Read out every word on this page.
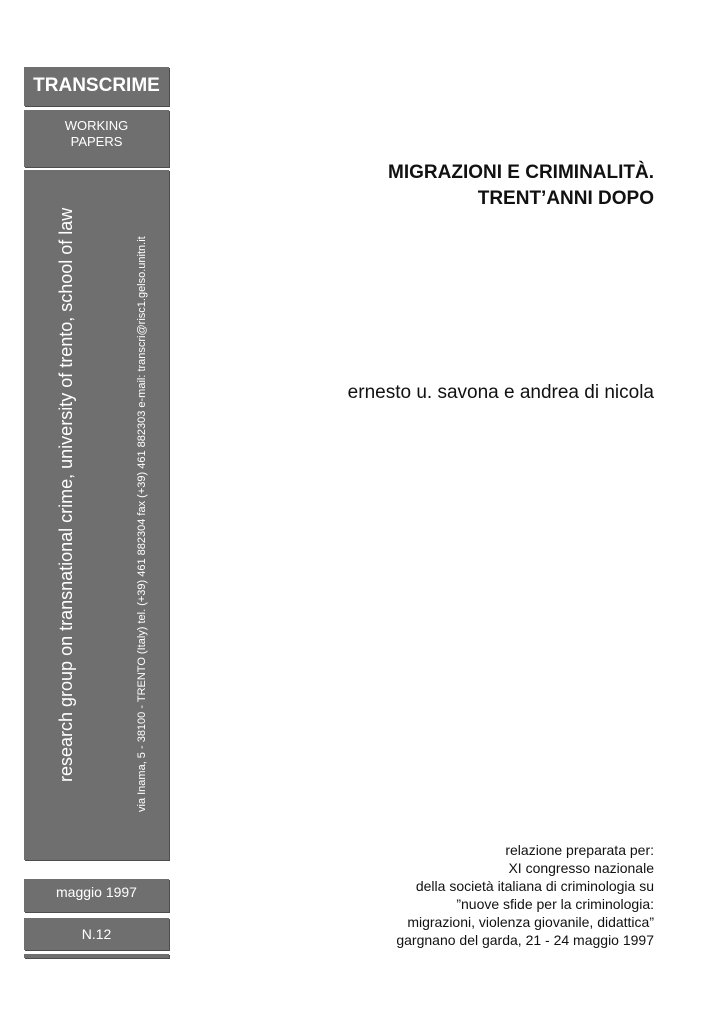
TRANSCRIME
WORKING
PAPERS
research group on transnational crime, university of trento, school of law	via Inama, 5 - 38100 - TRENTO (Italy) tel. (+39) 461 882304 fax (+39) 461 882303 e-mail: transcri@risc1.gelso.unitn.it
maggio 1997
N.12
MIGRAZIONI E CRIMINALITÀ.
TRENT’ANNI DOPO
ernesto u. savona e andrea di nicola
relazione preparata per:
XI congresso nazionale
della società italiana di criminologia su
”nuove sfide per la criminologia:
migrazioni, violenza giovanile, didattica”
gargnano del garda, 21 - 24 maggio 1997
